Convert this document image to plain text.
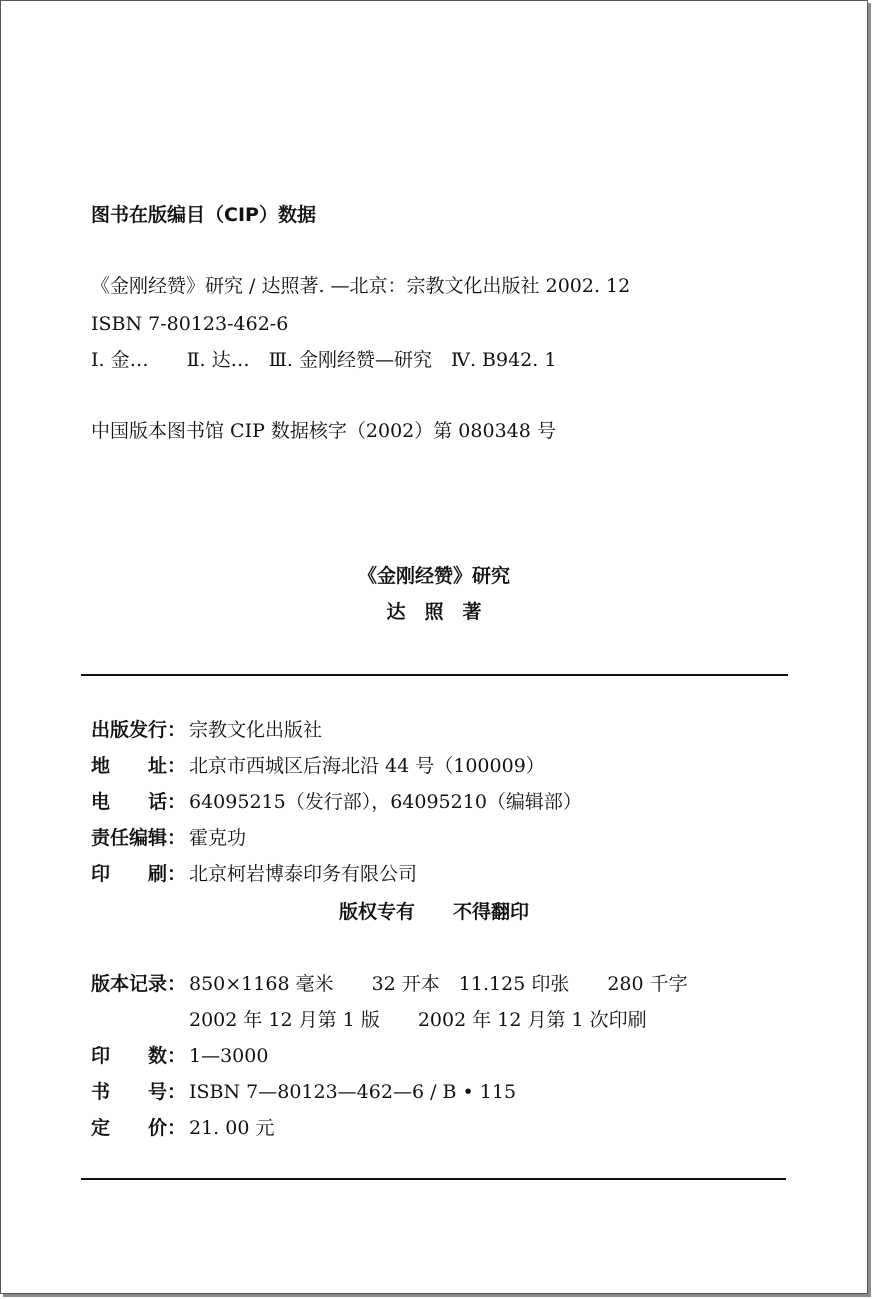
图书在版编目（CIP）数据
《金刚经赞》研究 / 达照著. —北京：宗教文化出版社 2002. 12
ISBN 7-80123-462-6
Ⅰ. 金…　　Ⅱ. 达…　Ⅲ. 金刚经赞—研究　Ⅳ. B942. 1
中国版本图书馆 CIP 数据核字（2002）第 080348 号
《金刚经赞》研究
达　照　著
出版发行： 宗教文化出版社
地　　址： 北京市西城区后海北沿 44 号（100009）
电　　话： 64095215（发行部），64095210（编辑部）
责任编辑： 霍克功
印　　刷： 北京柯岩博泰印务有限公司
版权专有　　不得翻印
版本记录： 850×1168 毫米　　32 开本　11.125 印张　　280 千字
2002 年 12 月第 1 版　　2002 年 12 月第 1 次印刷
印　　数： 1—3000
书　　号： ISBN 7—80123—462—6 / B • 115
定　　价： 21. 00 元
